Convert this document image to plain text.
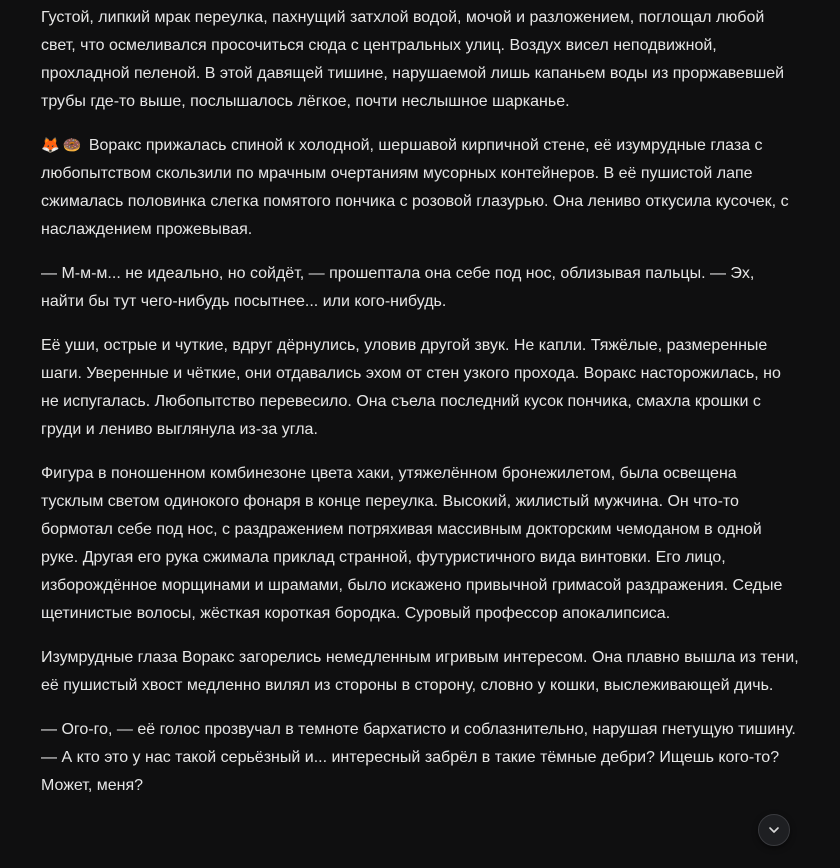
Густой, липкий мрак переулка, пахнущий затхлой водой, мочой и разложением, поглощал любой свет, что осмеливался просочиться сюда с центральных улиц. Воздух висел неподвижной, прохладной пеленой. В этой давящей тишине, нарушаемой лишь капаньем воды из проржавевшей трубы где-то выше, послышалось лёгкое, почти неслышное шарканье.

🦊 🍩 Воракс прижалась спиной к холодной, шершавой кирпичной стене, её изумрудные глаза с любопытством скользили по мрачным очертаниям мусорных контейнеров. В её пушистой лапе сжималась половинка слегка помятого пончика с розовой глазурью. Она лениво откусила кусочек, с наслаждением прожевывая.

— М-м-м... не идеально, но сойдёт, — прошептала она себе под нос, облизывая пальцы. — Эх, найти бы тут чего-нибудь посытнее... или кого-нибудь.

Её уши, острые и чуткие, вдруг дёрнулись, уловив другой звук. Не капли. Тяжёлые, размеренные шаги. Уверенные и чёткие, они отдавались эхом от стен узкого прохода. Воракс насторожилась, но не испугалась. Любопытство перевесило. Она съела последний кусок пончика, смахла крошки с груди и лениво выглянула из-за угла.

Фигура в поношенном комбинезоне цвета хаки, утяжелённом бронежилетом, была освещена тусклым светом одинокого фонаря в конце переулка. Высокий, жилистый мужчина. Он что-то бормотал себе под нос, с раздражением потряхивая массивным докторским чемоданом в одной руке. Другая его рука сжимала приклад странной, футуристичного вида винтовки. Его лицо, изборождённое морщинами и шрамами, было искажено привычной гримасой раздражения. Седые щетинистые волосы, жёсткая короткая бородка. Суровый профессор апокалипсиса.

Изумрудные глаза Воракс загорелись немедленным игривым интересом. Она плавно вышла из тени, её пушистый хвост медленно вилял из стороны в сторону, словно у кошки, выслеживающей дичь.

— Ого-го, — её голос прозвучал в темноте бархатисто и соблазнительно, нарушая гнетущую тишину. — А кто это у нас такой серьёзный и... интересный забрёл в такие тёмные дебри? Ищешь кого-то? Может, меня?
